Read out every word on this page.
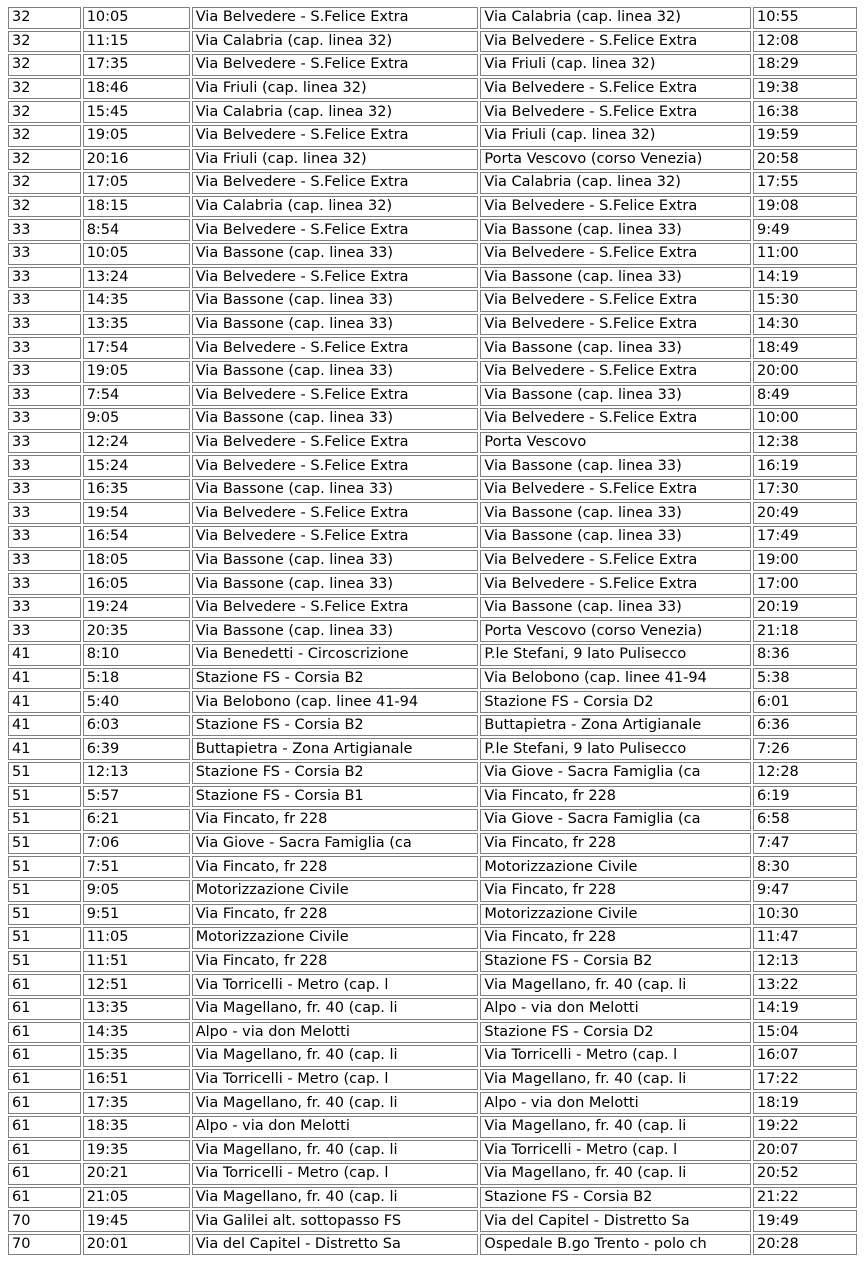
32	10:05	Via Belvedere - S.Felice Extra	Via Calabria (cap. linea 32)	10:55
32	11:15	Via Calabria (cap. linea 32)	Via Belvedere - S.Felice Extra	12:08
32	17:35	Via Belvedere - S.Felice Extra	Via Friuli (cap. linea 32)	18:29
32	18:46	Via Friuli (cap. linea 32)	Via Belvedere - S.Felice Extra	19:38
32	15:45	Via Calabria (cap. linea 32)	Via Belvedere - S.Felice Extra	16:38
32	19:05	Via Belvedere - S.Felice Extra	Via Friuli (cap. linea 32)	19:59
32	20:16	Via Friuli (cap. linea 32)	Porta Vescovo (corso Venezia)	20:58
32	17:05	Via Belvedere - S.Felice Extra	Via Calabria (cap. linea 32)	17:55
32	18:15	Via Calabria (cap. linea 32)	Via Belvedere - S.Felice Extra	19:08
33	8:54	Via Belvedere - S.Felice Extra	Via Bassone (cap. linea 33)	9:49
33	10:05	Via Bassone (cap. linea 33)	Via Belvedere - S.Felice Extra	11:00
33	13:24	Via Belvedere - S.Felice Extra	Via Bassone (cap. linea 33)	14:19
33	14:35	Via Bassone (cap. linea 33)	Via Belvedere - S.Felice Extra	15:30
33	13:35	Via Bassone (cap. linea 33)	Via Belvedere - S.Felice Extra	14:30
33	17:54	Via Belvedere - S.Felice Extra	Via Bassone (cap. linea 33)	18:49
33	19:05	Via Bassone (cap. linea 33)	Via Belvedere - S.Felice Extra	20:00
33	7:54	Via Belvedere - S.Felice Extra	Via Bassone (cap. linea 33)	8:49
33	9:05	Via Bassone (cap. linea 33)	Via Belvedere - S.Felice Extra	10:00
33	12:24	Via Belvedere - S.Felice Extra	Porta Vescovo	12:38
33	15:24	Via Belvedere - S.Felice Extra	Via Bassone (cap. linea 33)	16:19
33	16:35	Via Bassone (cap. linea 33)	Via Belvedere - S.Felice Extra	17:30
33	19:54	Via Belvedere - S.Felice Extra	Via Bassone (cap. linea 33)	20:49
33	16:54	Via Belvedere - S.Felice Extra	Via Bassone (cap. linea 33)	17:49
33	18:05	Via Bassone (cap. linea 33)	Via Belvedere - S.Felice Extra	19:00
33	16:05	Via Bassone (cap. linea 33)	Via Belvedere - S.Felice Extra	17:00
33	19:24	Via Belvedere - S.Felice Extra	Via Bassone (cap. linea 33)	20:19
33	20:35	Via Bassone (cap. linea 33)	Porta Vescovo (corso Venezia)	21:18
41	8:10	Via Benedetti - Circoscrizione	P.le Stefani, 9 lato Pulisecco	8:36
41	5:18	Stazione FS - Corsia B2	Via Belobono (cap. linee 41-94	5:38
41	5:40	Via Belobono (cap. linee 41-94	Stazione FS - Corsia D2	6:01
41	6:03	Stazione FS - Corsia B2	Buttapietra - Zona Artigianale	6:36
41	6:39	Buttapietra - Zona Artigianale	P.le Stefani, 9 lato Pulisecco	7:26
51	12:13	Stazione FS - Corsia B2	Via Giove - Sacra Famiglia (ca	12:28
51	5:57	Stazione FS - Corsia B1	Via Fincato, fr 228	6:19
51	6:21	Via Fincato, fr 228	Via Giove - Sacra Famiglia (ca	6:58
51	7:06	Via Giove - Sacra Famiglia (ca	Via Fincato, fr 228	7:47
51	7:51	Via Fincato, fr 228	Motorizzazione Civile	8:30
51	9:05	Motorizzazione Civile	Via Fincato, fr 228	9:47
51	9:51	Via Fincato, fr 228	Motorizzazione Civile	10:30
51	11:05	Motorizzazione Civile	Via Fincato, fr 228	11:47
51	11:51	Via Fincato, fr 228	Stazione FS - Corsia B2	12:13
61	12:51	Via Torricelli - Metro (cap. l	Via Magellano, fr. 40 (cap. li	13:22
61	13:35	Via Magellano, fr. 40 (cap. li	Alpo - via don Melotti	14:19
61	14:35	Alpo - via don Melotti	Stazione FS - Corsia D2	15:04
61	15:35	Via Magellano, fr. 40 (cap. li	Via Torricelli - Metro (cap. l	16:07
61	16:51	Via Torricelli - Metro (cap. l	Via Magellano, fr. 40 (cap. li	17:22
61	17:35	Via Magellano, fr. 40 (cap. li	Alpo - via don Melotti	18:19
61	18:35	Alpo - via don Melotti	Via Magellano, fr. 40 (cap. li	19:22
61	19:35	Via Magellano, fr. 40 (cap. li	Via Torricelli - Metro (cap. l	20:07
61	20:21	Via Torricelli - Metro (cap. l	Via Magellano, fr. 40 (cap. li	20:52
61	21:05	Via Magellano, fr. 40 (cap. li	Stazione FS - Corsia B2	21:22
70	19:45	Via Galilei alt. sottopasso FS	Via del Capitel - Distretto Sa	19:49
70	20:01	Via del Capitel - Distretto Sa	Ospedale B.go Trento - polo ch	20:28
